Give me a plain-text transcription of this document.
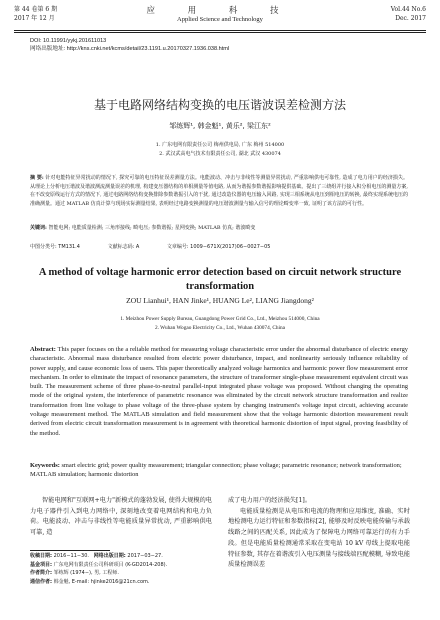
第 44 卷第 6 期
2017 年 12 月
应 用 科 技
Applied Science and Technology
Vol.44 No.6
Dec. 2017
DOI: 10.11991/yykj.201611013
网络出版地址: http://kns.cnki.net/kcms/detail/23.1191.u.20170327.1936.038.html
基于电路网络结构变换的电压谐波误差检测方法
邹练辉¹, 韩金魁¹, 黄乐², 梁江东²
1. 广东电网有限责任公司 梅州供电局, 广东 梅州 514000
2. 武汉武高电气技术有限责任公司, 湖北 武汉 430074
摘 要: 针对电能特征异常扰动的情况下, 探究可靠的电压特征误差测量方法。电能波动、冲击与非线性等测量异常扰动, 严重影响供电可靠性, 造成了电力用户的经济损失。从理论上分析电压谐波及谐波测流测量误差的机理, 构建变压器结构的单相测量等值电路, 从而为谐振参数谐振影响提供基础。提出了三绕组并行接入积分相电压的测量方案, 在不改变原线运行方式的情况下, 通过电路网络结构变换排除参数谐振引入的干扰, 通过改造仪器的电压输入回路, 实现三相系统从电压到相电压的转换, 最终实现系统电压的准确测量。通过 MATLAB 仿真计算与现场实际测量结果, 表明经过电路变换测量的电压谐波测量与输入信号的理论畸变率一致, 证明了该方法的可行性。
关键词: 智能电网; 电能质量检测; 三角形接线; 畸电压; 参数谐振; 星网变换; MATLAB 仿真; 谐波畸变
中图分类号: TM131.4	文献标志码: A	文章编号: 1009−671X(2017)06−0027−05
A method of voltage harmonic error detection based on circuit network structure transformation
ZOU Lianhui¹, HAN Jinke¹, HUANG Le², LIANG Jiangdong²
1. Meizhou Power Supply Bureau, Guangdong Power Grid Co., Ltd., Meizhou 514000, China
2. Wuhan Wogao Electricity Co., Ltd., Wuhan 430074, China
Abstract: This paper focuses on the a reliable method for measuring voltage characteristic error under the abnormal disturbance of electric energy characteristic. Abnormal mass disturbance resulted from electric power disturbance, impact, and nonlinearity seriously influence reliability of power supply, and cause economic loss of users. This paper theoretically analyzed voltage harmonics and harmonic power flow measurement error mechanism. In order to eliminate the impact of resonance parameters, the structure of transformer single-phase measurement equivalent circuit was built. The measurement scheme of three phase-to-neutral parallel-input integrated phase voltage was proposed. Without changing the operating mode of the original system, the interference of parametric resonance was eliminated by the circuit network structure transformation and realize transformation from line voltage to phase voltage of the three-phase system by changing instrument's voltage input circuit, achieving accurate voltage measurement method. The MATLAB simulation and field measurement show that the voltage harmonic distortion measurement result derived from electric circuit transformation measurement is in agreement with theoretical harmonic distortion of input signal, proving feasibility of the method.
Keywords: smart electric grid; power quality measurement; triangular connection; phase voltage; parametric resonance; network transformation; MATLAB simulation; harmonic distortion

智能电网和"互联网+电力"新模式的蓬勃发展, 使得大规模的电力电子器件引入到电力网络中, 深刻地改变着电网结构和电力负荷。电能波动、冲击与非线性等电能质量异常扰动, 严重影响供电可靠, 造

成了电力用户的经济损失[1]。

电能质量检测是从电压和电流的物理和应用维度, 准确、实时地检测电力运行特征和参数指标[2], 能够及时反映电能传输与承载线路之间的匹配关系, 因此成为了保障电力网络可靠运行的有力手段。但是电能质量检测通常采取在变电站 10 kV 母线上提取电能特征参数, 其存在着谐波引入电压测量与接线端匹配模糊, 导致电能质量检测误差

收稿日期: 2016−11−30. 网络出版日期: 2017−03−27.
基金项目: 广东电网有限责任公司科研项目 (K-GD2014-208).
作者简介: 邹练辉 (1974−), 男, 工程师.
通信作者: 韩金魁, E-mail: hjinke2016@21cn.com.
